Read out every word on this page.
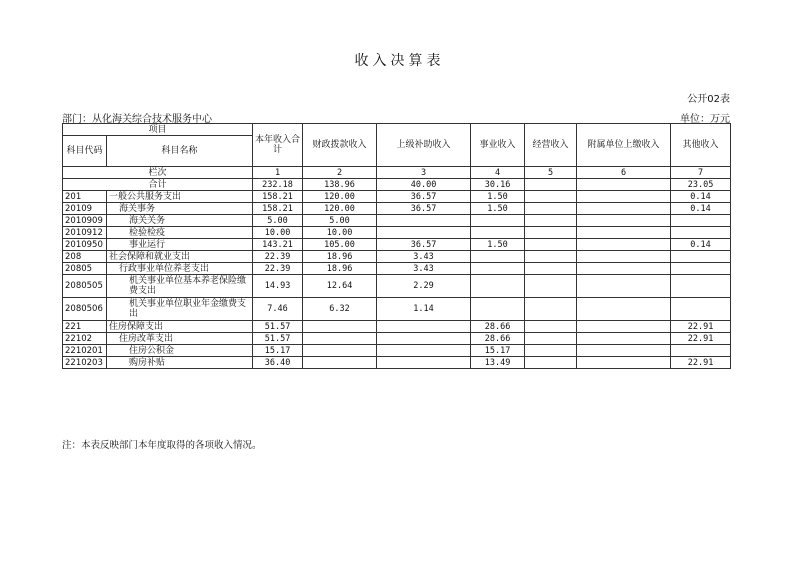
收入决算表
公开02表
部门：从化海关综合技术服务中心	单位：万元
项目		本年收入合计	财政拨款收入	上级补助收入	事业收入	经营收入	附属单位上缴收入	其他收入
科目代码	科目名称							

栏次		1	2	3	4	5	6	7
合计		232.18	138.96	40.00	30.16			23.05
201	一般公共服务支出	158.21	120.00	36.57	1.50			0.14
20109	海关事务	158.21	120.00	36.57	1.50			0.14
2010909	海关关务	5.00	5.00					
2010912	检验检疫	10.00	10.00					
2010950	事业运行	143.21	105.00	36.57	1.50			0.14
208	社会保障和就业支出	22.39	18.96	3.43				
20805	行政事业单位养老支出	22.39	18.96	3.43				
2080505	机关事业单位基本养老保险缴费支出	14.93	12.64	2.29				
2080506	机关事业单位职业年金缴费支出	7.46	6.32	1.14				
221	住房保障支出	51.57			28.66			22.91
22102	住房改革支出	51.57			28.66			22.91
2210201	住房公积金	15.17			15.17			
2210203	购房补贴	36.40			13.49			22.91
注：本表反映部门本年度取得的各项收入情况。
